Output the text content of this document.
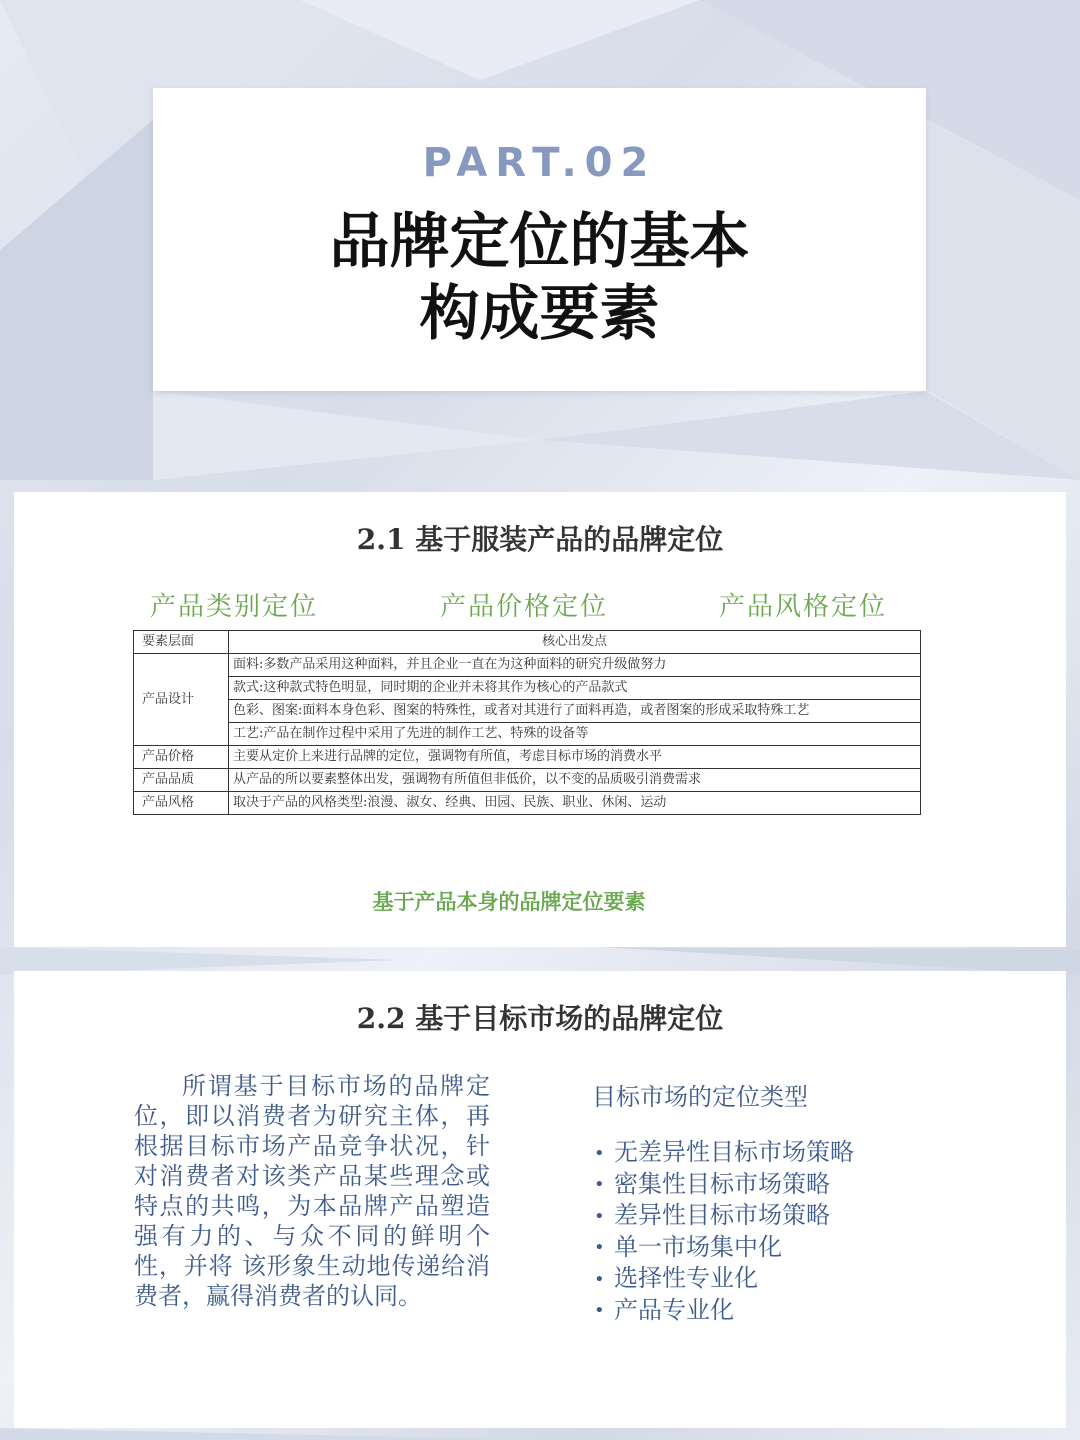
PART.02
品牌定位的基本
构成要素
2.1 基于服装产品的品牌定位
产品类别定位	产品价格定位	产品风格定位
要素层面	核心出发点
产品设计	面料:多数产品采用这种面料，并且企业一直在为这种面料的研究升级做努力
	款式:这种款式特色明显，同时期的企业并未将其作为核心的产品款式
	色彩、图案:面料本身色彩、图案的特殊性，或者对其进行了面料再造，或者图案的形成采取特殊工艺
	工艺:产品在制作过程中采用了先进的制作工艺、特殊的设备等
产品价格	主要从定价上来进行品牌的定位，强调物有所值，考虑目标市场的消费水平
产品品质	从产品的所以要素整体出发，强调物有所值但非低价，以不变的品质吸引消费需求
产品风格	取决于产品的风格类型:浪漫、淑女、经典、田园、民族、职业、休闲、运动
基于产品本身的品牌定位要素
2.2 基于目标市场的品牌定位
所谓基于目标市场的品牌定位，即以消费者为研究主体，再根据目标市场产品竞争状况，针对消费者对该类产品某些理念或特点的共鸣，为本品牌产品塑造强有力的、与众不同的鲜明个性，并将 该形象生动地传递给消费者，赢得消费者的认同。
目标市场的定位类型
• 无差异性目标市场策略
• 密集性目标市场策略
• 差异性目标市场策略
• 单一市场集中化
• 选择性专业化
• 产品专业化
